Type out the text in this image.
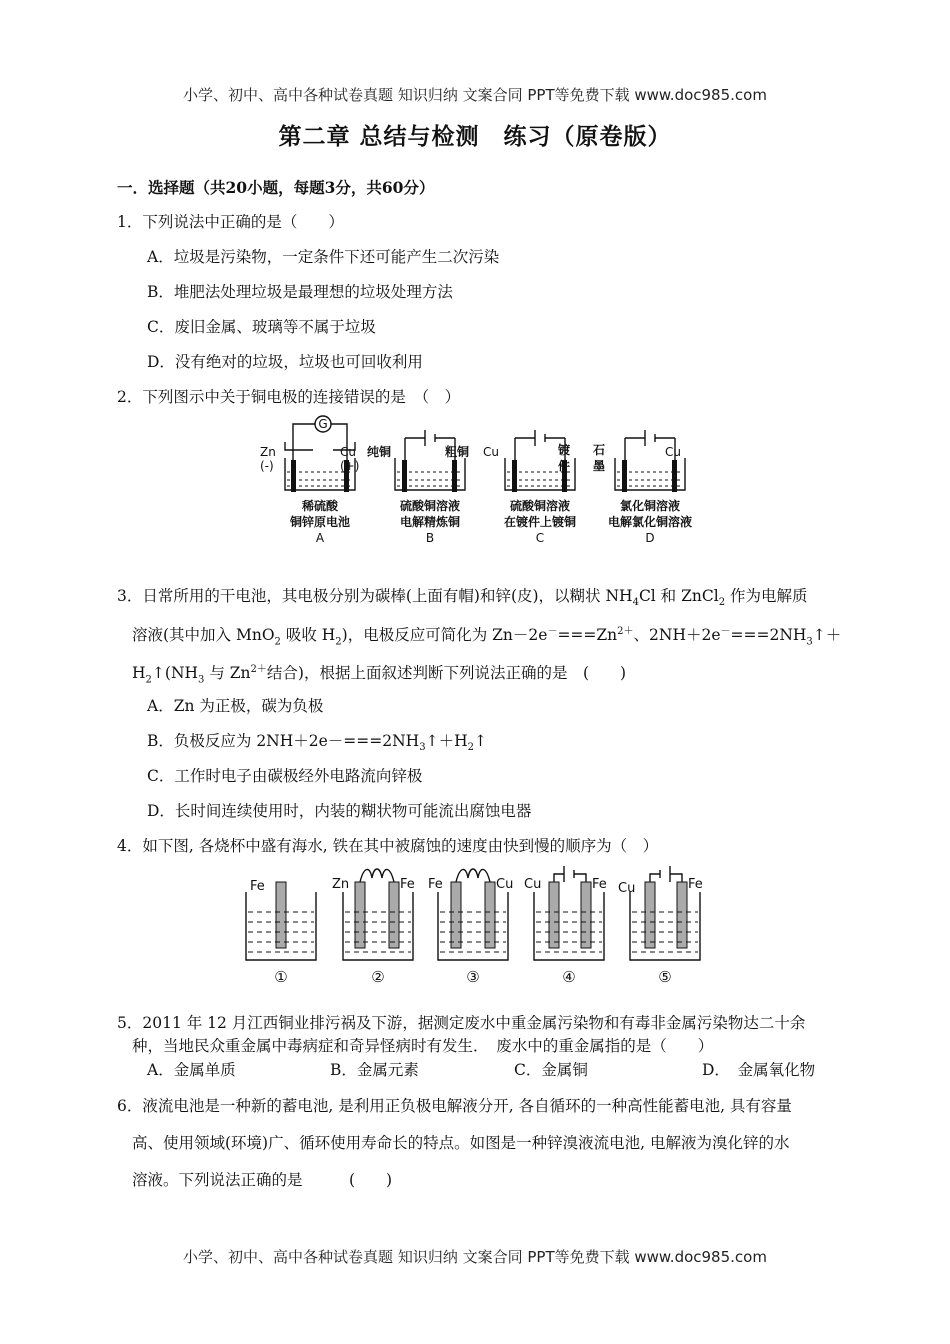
小学、初中、高中各种试卷真题 知识归纳 文案合同 PPT等免费下载 www.doc985.com
第二章 总结与检测　练习（原卷版）
一．选择题（共20小题，每题3分，共60分）
1．下列说法中正确的是（　　）
A．垃圾是污染物，一定条件下还可能产生二次污染
B．堆肥法处理垃圾是最理想的垃圾处理方法
C．废旧金属、玻璃等不属于垃圾
D．没有绝对的垃圾，垃圾也可回收利用
2．下列图示中关于铜电极的连接错误的是　（　）
G
Zn
(-)
Cu
(+)
稀硫酸
铜锌原电池
A
纯铜	粗铜
硫酸铜溶液
电解精炼铜
B
Cu	镀
件
硫酸铜溶液
在镀件上镀铜
C
石
墨
Cu
氯化铜溶液
电解氯化铜溶液
D
3．日常所用的干电池，其电极分别为碳棒(上面有帽)和锌(皮)，以糊状 $NH_4Cl$ 和 ZnCl$_2$ 作为电解质
溶液(其中加入 MnO$_2$ 吸收 $H_2$)，电极反应可简化为 $Zn-2e^-===Zn^{2+}$、$2NH+2e^-===2NH_3↑+$
$H_2↑(NH_3$ 与 $Zn^{2+}$结合)，根据上面叙述判断下列说法正确的是　(　　)
A．Zn 为正极，碳为负极
B．负极反应为 $2NH+2e-===2NH_3↑+H_2↑$
C．工作时电子由碳极经外电路流向锌极
D．长时间连续使用时，内装的糊状物可能流出腐蚀电器
4．如下图, 各烧杯中盛有海水, 铁在其中被腐蚀的速度由快到慢的顺序为（　）
Fe	Zn	Fe Fe	Cu Cu	Fe Cu	Fe
①	②	③	④	⑤
5．2011 年 12 月江西铜业排污祸及下游，据测定废水中重金属污染物和有毒非金属污染物达二十余
种，当地民众重金属中毒病症和奇异怪病时有发生．　废水中的重金属指的是（　　）
A．金属单质	B．金属元素	C．金属铜	D．　金属氧化物
6．液流电池是一种新的蓄电池, 是利用正负极电解液分开, 各自循环的一种高性能蓄电池, 具有容量
高、使用领域(环境)广、循环使用寿命长的特点。如图是一种锌溴液流电池, 电解液为溴化锌的水
溶液。下列说法正确的是　　　(　　)
小学、初中、高中各种试卷真题 知识归纳 文案合同 PPT等免费下载 www.doc985.com
